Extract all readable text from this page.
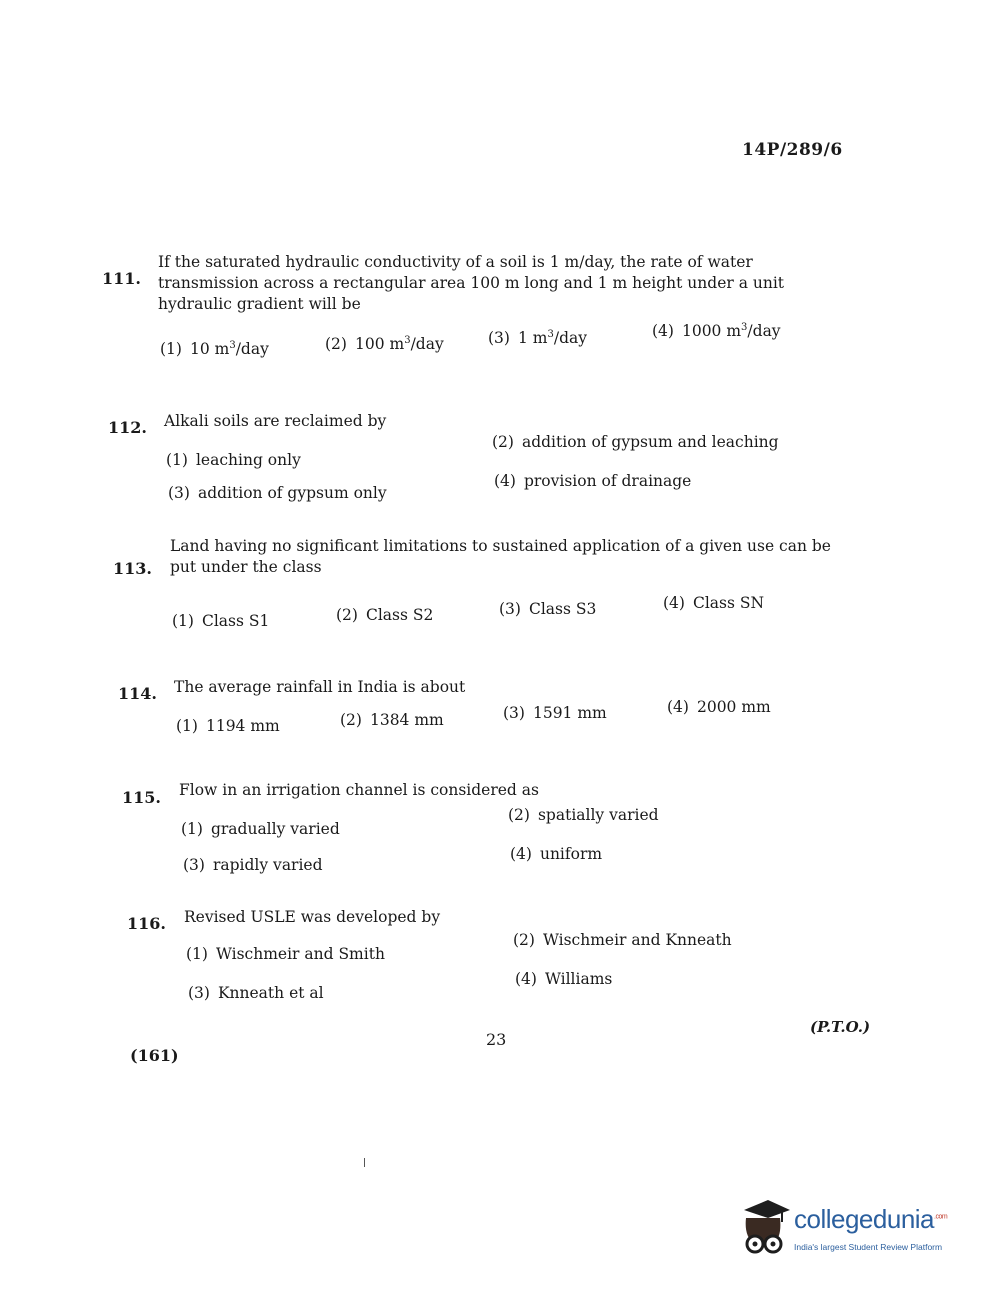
14P/289/6
111.
If the saturated hydraulic conductivity of a soil is 1 m/day, the rate of water transmission across a rectangular area 100 m long and 1 m height under a unit hydraulic gradient will be
(1) 10 $m^3$/day	(2) 100 $m^3$/day	(3) 1 $m^3$/day	(4) 1000 $m^3$/day
112. Alkali soils are reclaimed by
(1) leaching only
(2) addition of gypsum and leaching
(3) addition of gypsum only
(4) provision of drainage
113.
Land having no significant limitations to sustained application of a given use can be put under the class
(1) Class S1	(2) Class S2	(3) Class S3	(4) Class SN
114. The average rainfall in India is about
(1) 1194 mm	(2) 1384 mm	(3) 1591 mm	(4) 2000 mm
115. Flow in an irrigation channel is considered as
(1) gradually varied
(2) spatially varied
(3) rapidly varied
(4) uniform
116. Revised USLE was developed by
(1) Wischmeir and Smith
(2) Wischmeir and Knneath
(3) Knneath et al
(4) Williams
23
(P.T.O.)
(161)
collegedunia$^{.com}$
India's largest Student Review Platform
